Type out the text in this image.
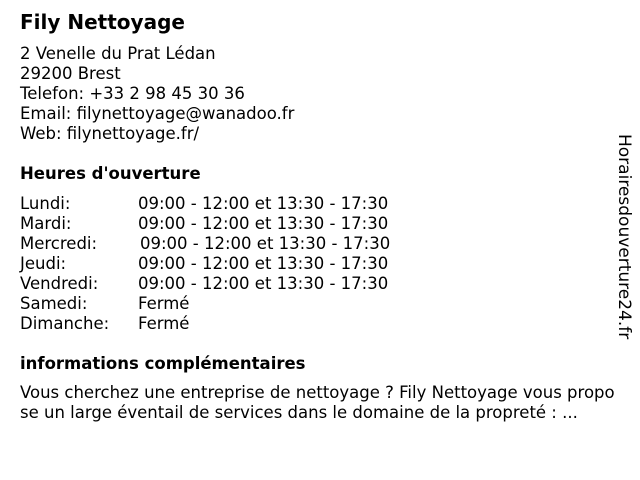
Fily Nettoyage
2 Venelle du Prat Lédan
29200 Brest
Telefon: +33 2 98 45 30 36
Email: filynettoyage@wanadoo.fr
Web: filynettoyage.fr/
Heures d'ouverture
Lundi:	09:00 - 12:00 et 13:30 - 17:30
Mardi:	09:00 - 12:00 et 13:30 - 17:30
Mercredi:	09:00 - 12:00 et 13:30 - 17:30
Jeudi:	09:00 - 12:00 et 13:30 - 17:30
Vendredi: 09:00 - 12:00 et 13:30 - 17:30
Samedi:	Fermé
Dimanche: Fermé
informations complémentaires
Vous cherchez une entreprise de nettoyage ? Fily Nettoyage vous propose un large éventail de services dans le domaine de la propreté : ...
Horairesdouverture24.fr
